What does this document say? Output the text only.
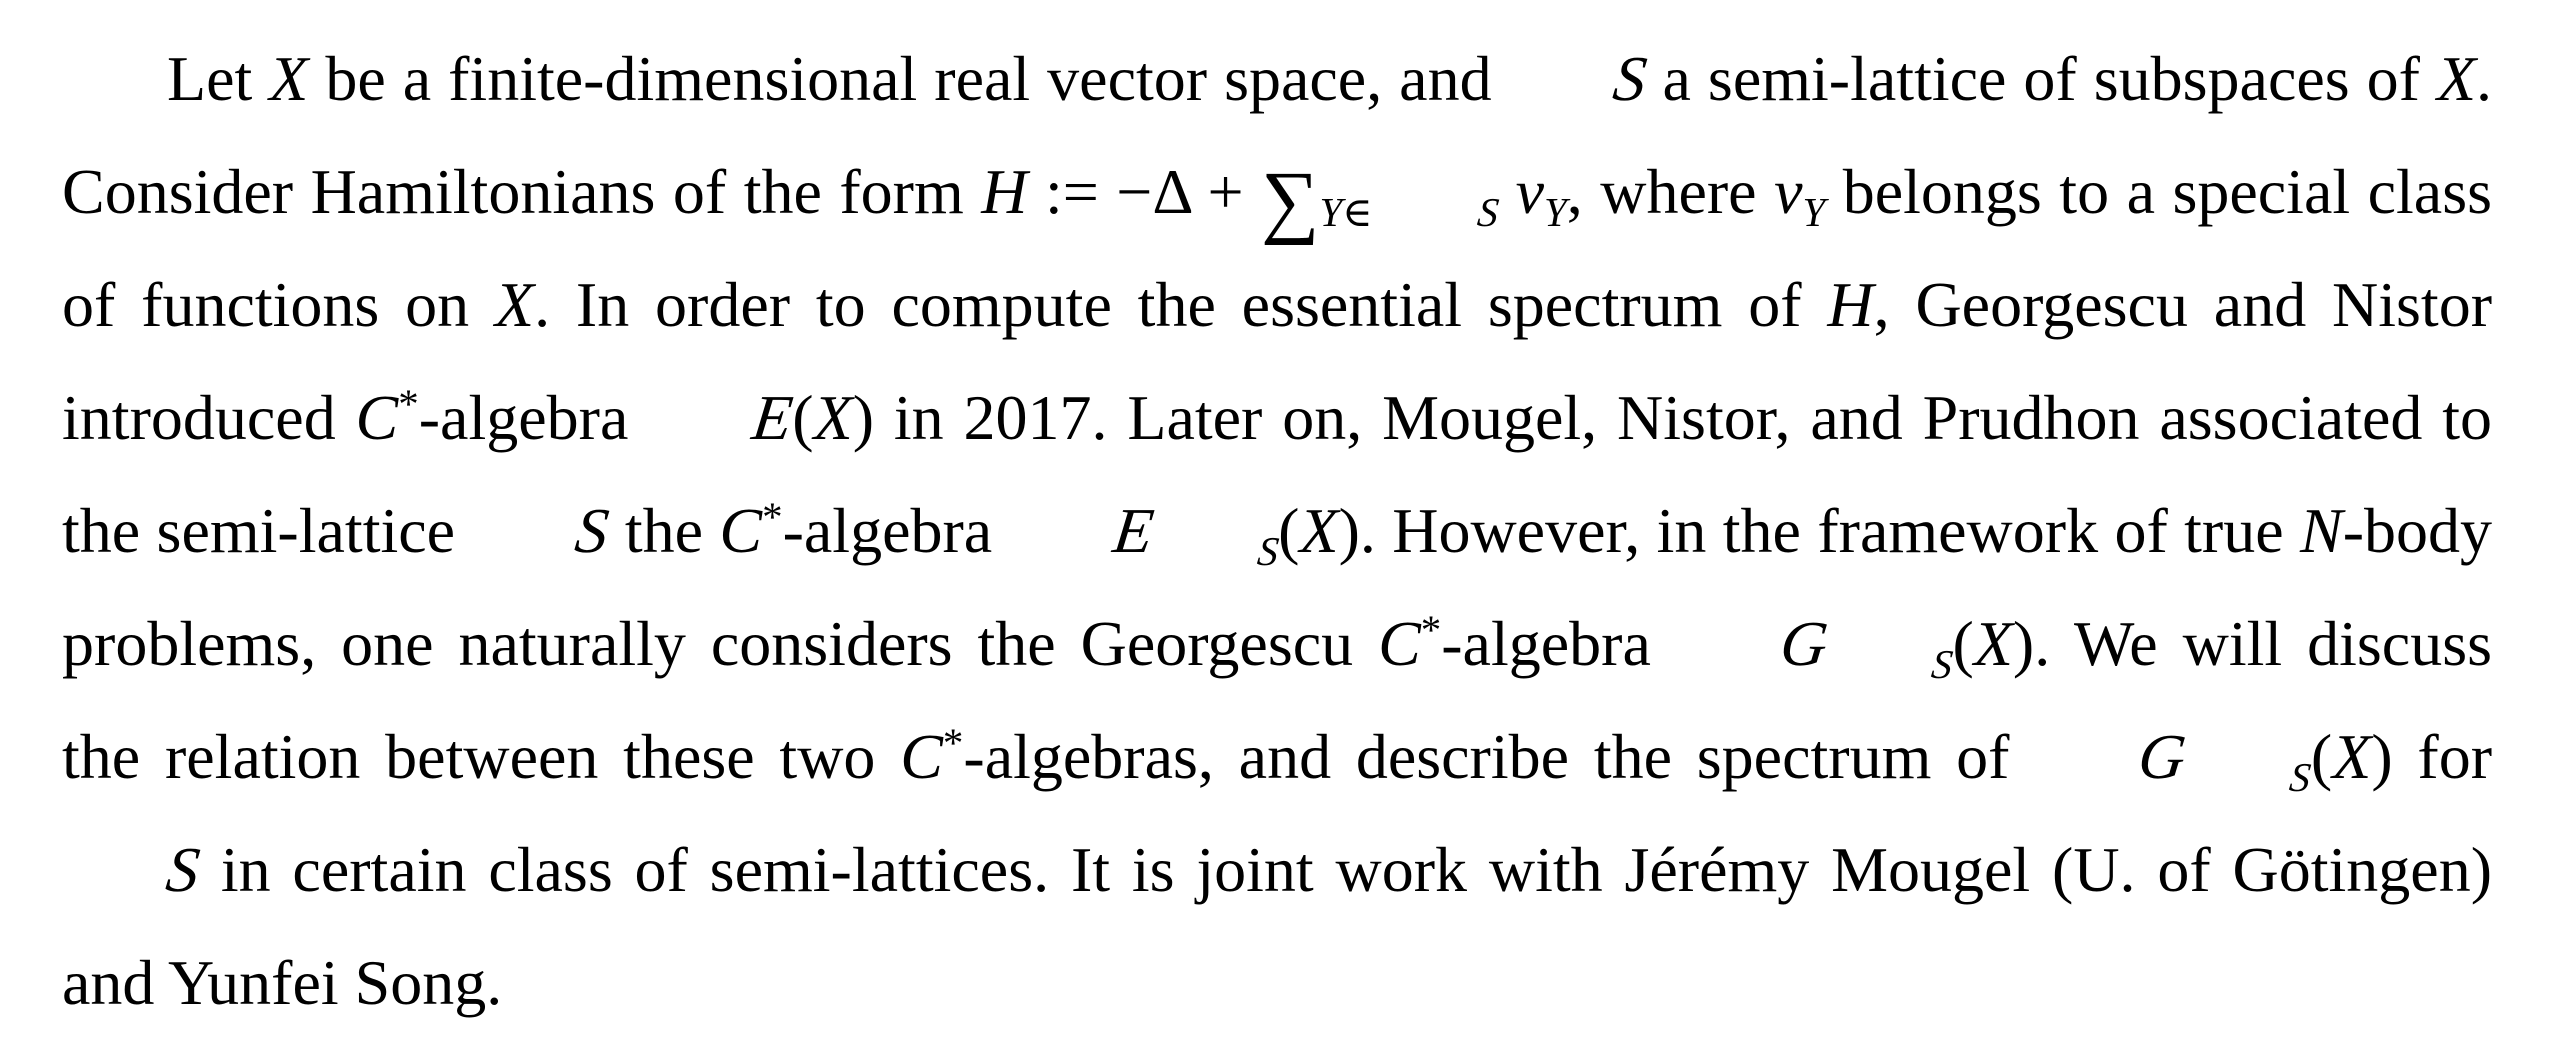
Let X be a finite-dimensional real vector space, and S a semi-lattice of subspaces of X. Consider Hamiltonians of the form H := $-\Delta + \sum_{Y\in}$ S $v_Y$, where $v_Y$ belongs to a special class of functions on X. In order to compute the essential spectrum of H, Georgescu and Nistor introduced C*-algebra E(X) in 2017. Later on, Mougel, Nistor, and Prudhon associated to the semi-lattice S the C*-algebra E S(X). However, in the framework of true N-body problems, one naturally considers the Georgescu C*-algebra G S(X). We will discuss the relation between these two C*-algebras, and describe the spectrum of G S(X) for S in certain class of semi-lattices. It is joint work with Jérémy Mougel (U. of Götingen) and Yunfei Song.
